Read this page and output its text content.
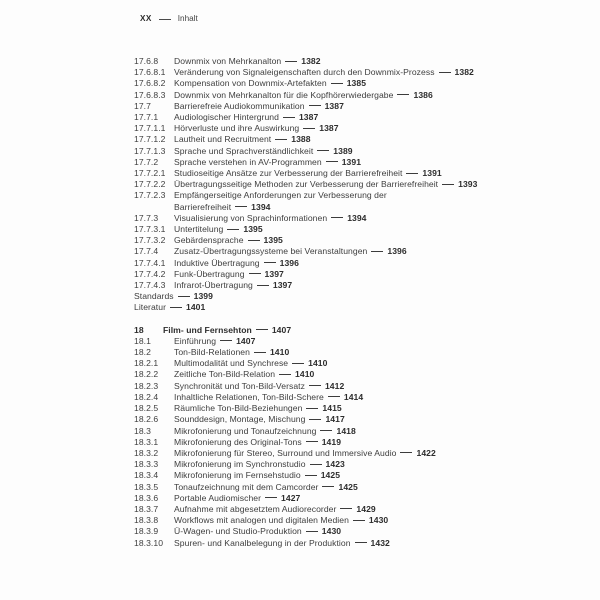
XX	Inhalt
17.6.8	Downmix von Mehrkanalton 1382
17.6.8.1 Veränderung von Signaleigenschaften durch den Downmix-Prozess 1382
17.6.8.2 Kompensation von Downmix-Artefakten 1385
17.6.8.3 Downmix von Mehrkanalton für die Kopfhörerwiedergabe 1386
17.7	Barrierefreie Audiokommunikation 1387
17.7.1	Audiologischer Hintergrund 1387
17.7.1.1 Hörverluste und ihre Auswirkung 1387
17.7.1.2 Lautheit und Recruitment 1388
17.7.1.3 Sprache und Sprachverständlichkeit 1389
17.7.2	Sprache verstehen in AV-Programmen 1391
17.7.2.1 Studioseitige Ansätze zur Verbesserung der Barrierefreiheit 1391
17.7.2.2 Übertragungsseitige Methoden zur Verbesserung der Barrierefreiheit 1393
17.7.2.3 Empfängerseitige Anforderungen zur Verbesserung der
Barrierefreiheit 1394
17.7.3	Visualisierung von Sprachinformationen 1394
17.7.3.1 Untertitelung 1395
17.7.3.2 Gebärdensprache 1395
17.7.4	Zusatz-Übertragungssysteme bei Veranstaltungen 1396
17.7.4.1 Induktive Übertragung 1396
17.7.4.2 Funk-Übertragung 1397
17.7.4.3 Infrarot-Übertragung 1397
Standards 1399
Literatur 1401
18	Film- und Fernsehton 1407
18.1	Einführung 1407
18.2	Ton-Bild-Relationen 1410
18.2.1	Multimodalität und Synchrese 1410
18.2.2	Zeitliche Ton-Bild-Relation 1410
18.2.3	Synchronität und Ton-Bild-Versatz 1412
18.2.4	Inhaltliche Relationen, Ton-Bild-Schere 1414
18.2.5	Räumliche Ton-Bild-Beziehungen 1415
18.2.6	Sounddesign, Montage, Mischung 1417
18.3	Mikrofonierung und Tonaufzeichnung 1418
18.3.1	Mikrofonierung des Original-Tons 1419
18.3.2	Mikrofonierung für Stereo, Surround und Immersive Audio 1422
18.3.3	Mikrofonierung im Synchronstudio 1423
18.3.4	Mikrofonierung im Fernsehstudio 1425
18.3.5	Tonaufzeichnung mit dem Camcorder 1425
18.3.6	Portable Audiomischer 1427
18.3.7	Aufnahme mit abgesetztem Audiorecorder 1429
18.3.8	Workflows mit analogen und digitalen Medien 1430
18.3.9	Ü-Wagen- und Studio-Produktion 1430
18.3.10	Spuren- und Kanalbelegung in der Produktion 1432
